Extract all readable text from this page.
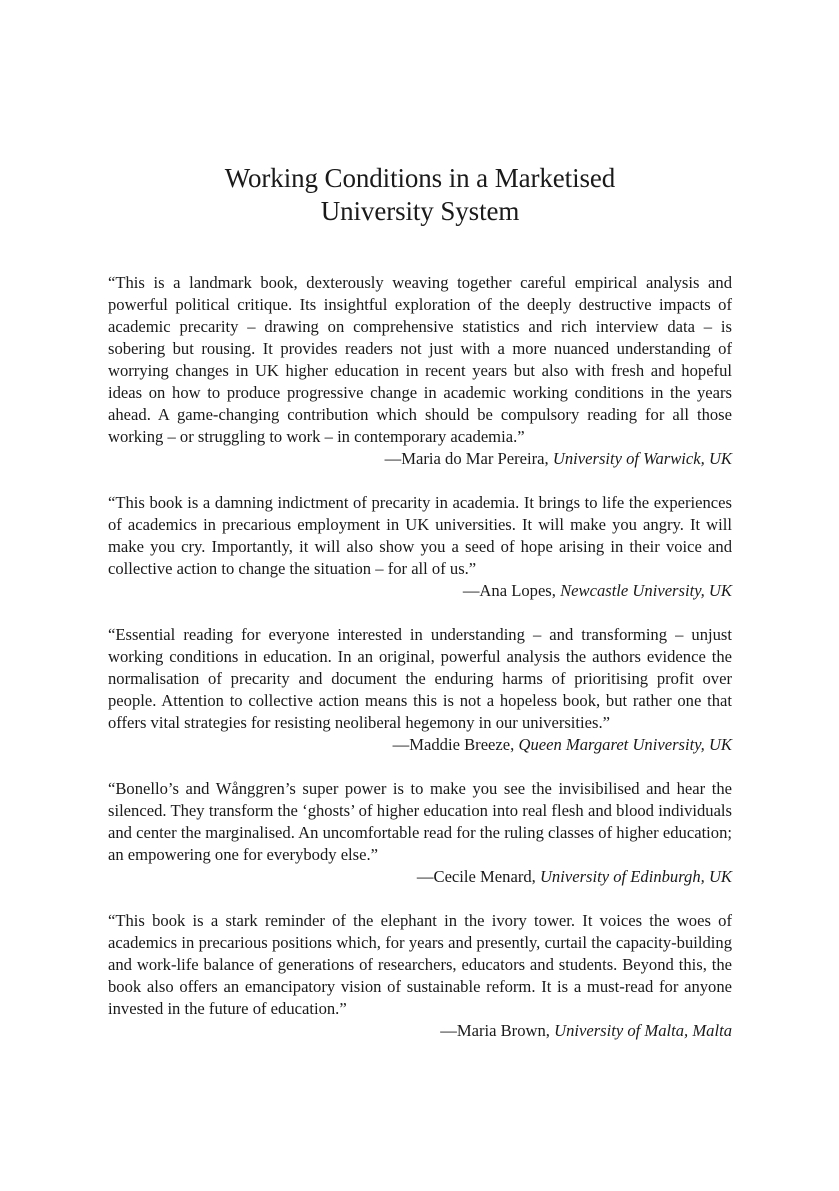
Working Conditions in a Marketised
University System

“This is a landmark book, dexterously weaving together careful empirical analysis and powerful political critique. Its insightful exploration of the deeply destructive impacts of academic precarity – drawing on comprehensive statistics and rich interview data – is sobering but rousing. It provides readers not just with a more nuanced understanding of worrying changes in UK higher education in recent years but also with fresh and hopeful ideas on how to produce progressive change in academic working conditions in the years ahead. A game-changing contribution which should be compulsory reading for all those working – or struggling to work – in contemporary academia.”

—Maria do Mar Pereira, University of Warwick, UK

“This book is a damning indictment of precarity in academia. It brings to life the experiences of academics in precarious employment in UK universities. It will make you angry. It will make you cry. Importantly, it will also show you a seed of hope arising in their voice and collective action to change the situation – for all of us.”

—Ana Lopes, Newcastle University, UK

“Essential reading for everyone interested in understanding – and transforming – unjust working conditions in education. In an original, powerful analysis the authors evidence the normalisation of precarity and document the enduring harms of prioritising profit over people. Attention to collective action means this is not a hopeless book, but rather one that offers vital strategies for resisting neoliberal hegemony in our universities.”

—Maddie Breeze, Queen Margaret University, UK

“Bonello’s and Wånggren’s super power is to make you see the invisibilised and hear the silenced. They transform the ‘ghosts’ of higher education into real flesh and blood individuals and center the marginalised. An uncomfortable read for the ruling classes of higher education; an empowering one for everybody else.”

—Cecile Menard, University of Edinburgh, UK

“This book is a stark reminder of the elephant in the ivory tower. It voices the woes of academics in precarious positions which, for years and presently, curtail the capacity-building and work-life balance of generations of researchers, educators and students. Beyond this, the book also offers an emancipatory vision of sustainable reform. It is a must-read for anyone invested in the future of education.”

—Maria Brown, University of Malta, Malta
